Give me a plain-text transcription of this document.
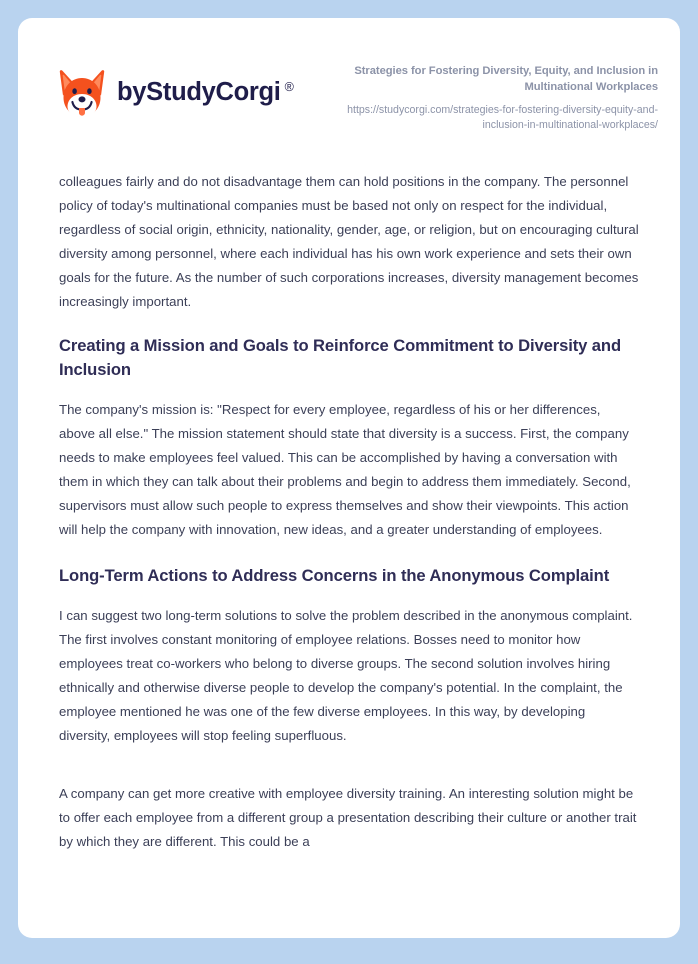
by StudyCorgi ®
Strategies for Fostering Diversity, Equity, and Inclusion in Multinational Workplaces
https://studycorgi.com/strategies-for-fostering-diversity-equity-and-inclusion-in-multinational-workplaces/

colleagues fairly and do not disadvantage them can hold positions in the company. The personnel policy of today's multinational companies must be based not only on respect for the individual, regardless of social origin, ethnicity, nationality, gender, age, or religion, but on encouraging cultural diversity among personnel, where each individual has his own work experience and sets their own goals for the future. As the number of such corporations increases, diversity management becomes increasingly important.

Creating a Mission and Goals to Reinforce Commitment to Diversity and Inclusion

The company's mission is: "Respect for every employee, regardless of his or her differences, above all else." The mission statement should state that diversity is a success. First, the company needs to make employees feel valued. This can be accomplished by having a conversation with them in which they can talk about their problems and begin to address them immediately. Second, supervisors must allow such people to express themselves and show their viewpoints. This action will help the company with innovation, new ideas, and a greater understanding of employees.

Long-Term Actions to Address Concerns in the Anonymous Complaint

I can suggest two long-term solutions to solve the problem described in the anonymous complaint. The first involves constant monitoring of employee relations. Bosses need to monitor how employees treat co-workers who belong to diverse groups. The second solution involves hiring ethnically and otherwise diverse people to develop the company's potential. In the complaint, the employee mentioned he was one of the few diverse employees. In this way, by developing diversity, employees will stop feeling superfluous.

A company can get more creative with employee diversity training. An interesting solution might be to offer each employee from a different group a presentation describing their culture or another trait by which they are different. This could be a
